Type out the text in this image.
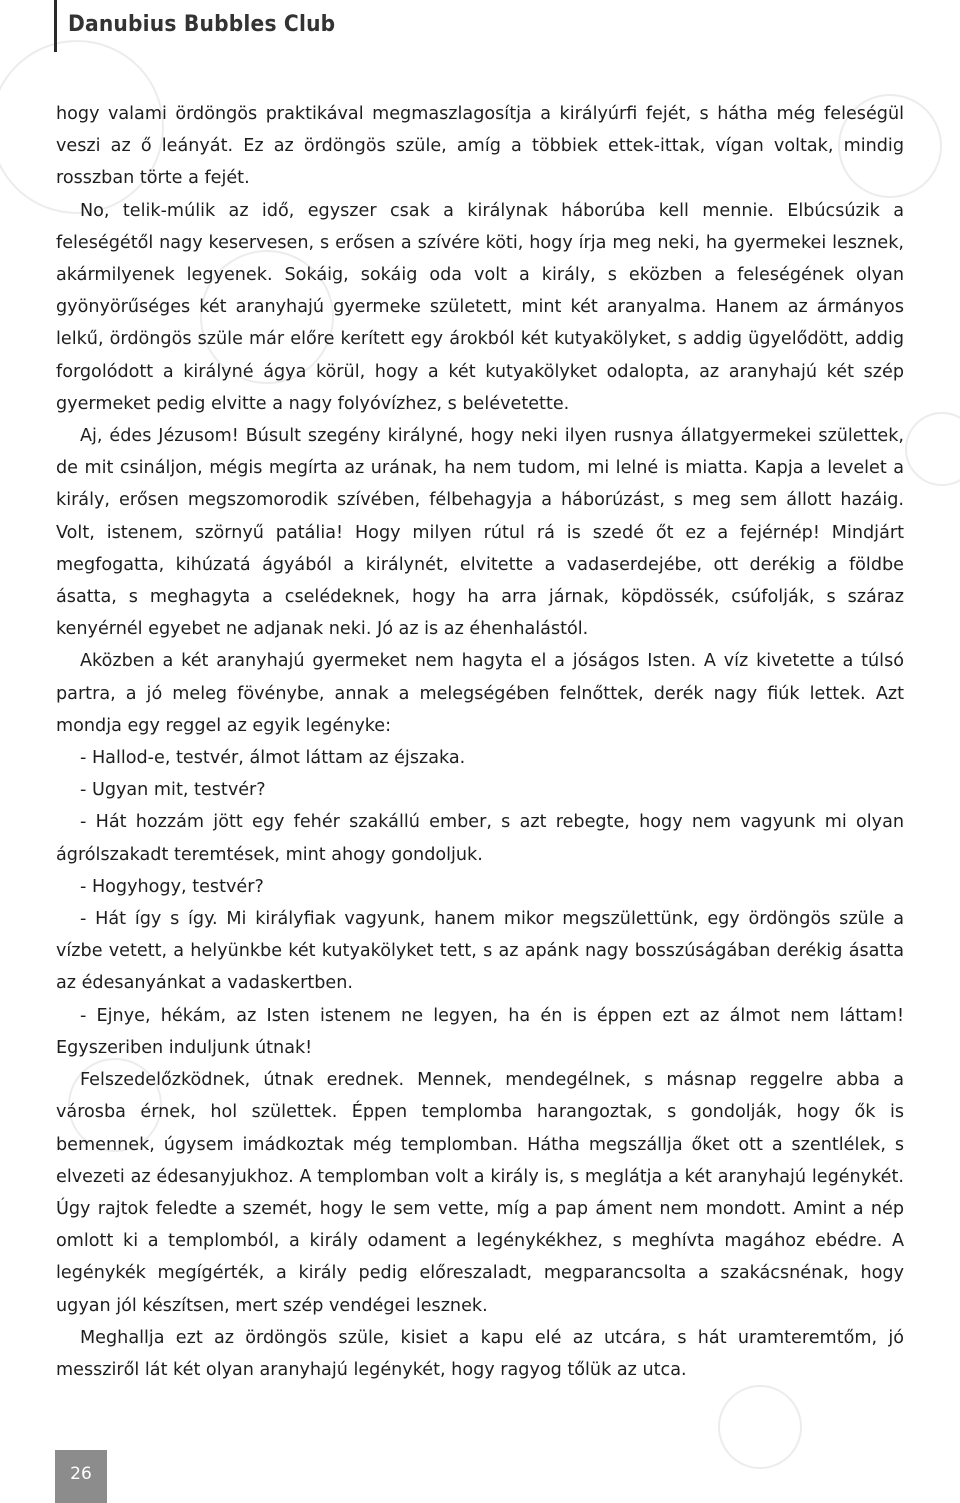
Danubius Bubbles Club

hogy valami ördöngös praktikával megmaszlagosítja a királyúrfi fejét, s hátha még feleségül veszi az ő leányát. Ez az ördöngös szüle, amíg a többiek ettek-ittak, vígan voltak, mindig rosszban törte a fejét.

No, telik-múlik az idő, egyszer csak a királynak háborúba kell mennie. Elbúcsúzik a feleségétől nagy keservesen, s erősen a szívére köti, hogy írja meg neki, ha gyermekei lesznek, akármilyenek legyenek. Sokáig, sokáig oda volt a király, s eközben a feleségének olyan gyönyörűséges két aranyhajú gyermeke született, mint két aranyalma. Hanem az ármányos lelkű, ördöngös szüle már előre kerített egy árokból két kutyakölyket, s addig ügyelődött, addig forgolódott a királyné ágya körül, hogy a két kutyakölyket odalopta, az aranyhajú két szép gyermeket pedig elvitte a nagy folyóvízhez, s belévetette.

Aj, édes Jézusom! Búsult szegény királyné, hogy neki ilyen rusnya állatgyermekei születtek, de mit csináljon, mégis megírta az urának, ha nem tudom, mi lelné is miatta. Kapja a levelet a király, erősen megszomorodik szívében, félbehagyja a háborúzást, s meg sem állott hazáig. Volt, istenem, szörnyű patália! Hogy milyen rútul rá is szedé őt ez a fejérnép! Mindjárt megfogatta, kihúzatá ágyából a királynét, elvitette a vadaserdejébe, ott derékig a földbe ásatta, s meghagyta a cselédeknek, hogy ha arra járnak, köpdössék, csúfolják, s száraz kenyérnél egyebet ne adjanak neki. Jó az is az éhenhalástól.

Aközben a két aranyhajú gyermeket nem hagyta el a jóságos Isten. A víz kivetette a túlsó partra, a jó meleg fövénybe, annak a melegségében felnőttek, derék nagy fiúk lettek. Azt mondja egy reggel az egyik legényke:

- Hallod-e, testvér, álmot láttam az éjszaka.

- Ugyan mit, testvér?

- Hát hozzám jött egy fehér szakállú ember, s azt rebegte, hogy nem vagyunk mi olyan ágrólszakadt teremtések, mint ahogy gondoljuk.

- Hogyhogy, testvér?

- Hát így s így. Mi királyfiak vagyunk, hanem mikor megszülettünk, egy ördöngös szüle a vízbe vetett, a helyünkbe két kutyakölyket tett, s az apánk nagy bosszúságában derékig ásatta az édesanyánkat a vadaskertben.

- Ejnye, hékám, az Isten istenem ne legyen, ha én is éppen ezt az álmot nem láttam! Egyszeriben induljunk útnak!

Felszedelőzködnek, útnak erednek. Mennek, mendegélnek, s másnap reggelre abba a városba érnek, hol születtek. Éppen templomba harangoztak, s gondolják, hogy ők is bemennek, úgysem imádkoztak még templomban. Hátha megszállja őket ott a szentlélek, s elvezeti az édesanyjukhoz. A templomban volt a király is, s meglátja a két aranyhajú legénykét. Úgy rajtok feledte a szemét, hogy le sem vette, míg a pap áment nem mondott. Amint a nép omlott ki a templomból, a király odament a legénykékhez, s meghívta magához ebédre. A legénykék megígérték, a király pedig előreszaladt, megparancsolta a szakácsnénak, hogy ugyan jól készítsen, mert szép vendégei lesznek.

Meghallja ezt az ördöngös szüle, kisiet a kapu elé az utcára, s hát uramteremtőm, jó messziről lát két olyan aranyhajú legénykét, hogy ragyog tőlük az utca.

26
